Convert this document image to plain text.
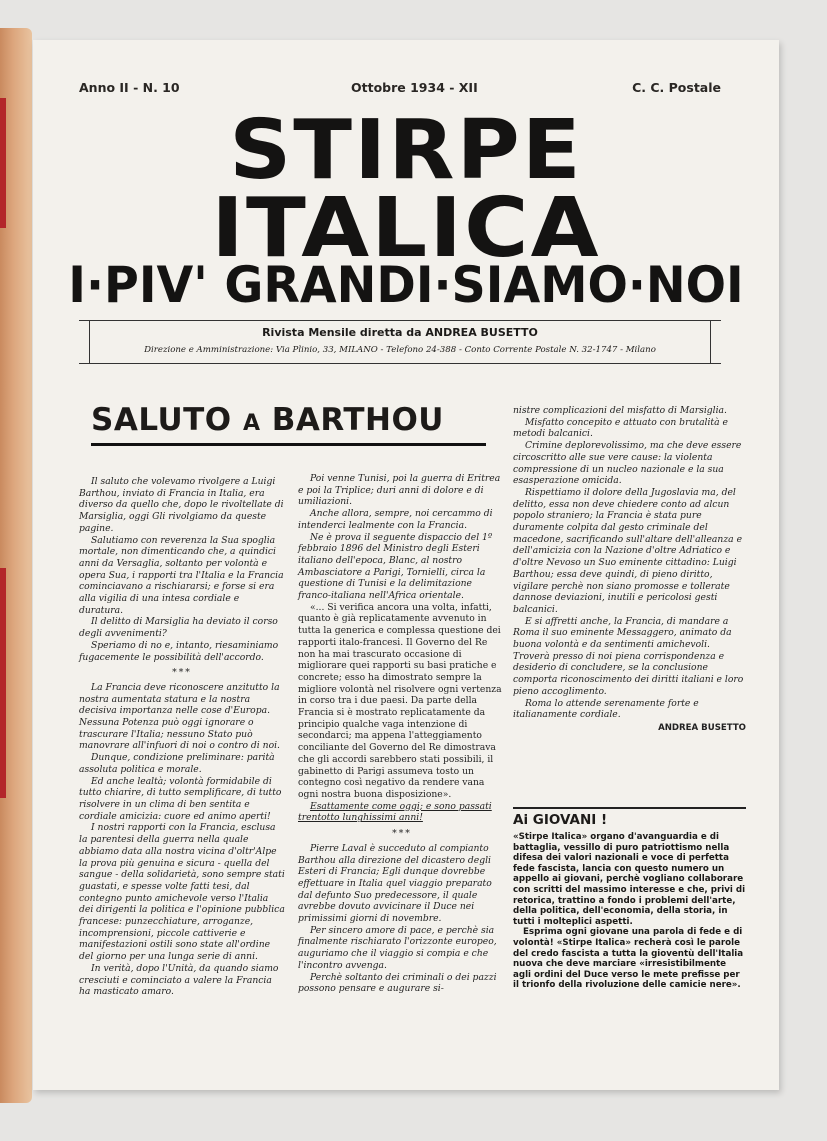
Anno II - N. 10	Ottobre 1934 - XII	C. C. Postale
STIRPE
ITALICA
I·PIV' GRANDI·SIAMO·NOI
Rivista Mensile diretta da ANDREA BUSETTO
Direzione e Amministrazione: Via Plinio, 33, MILANO - Telefono 24-388 - Conto Corrente Postale N. 32-1747 - Milano
SALUTO A BARTHOU

Il saluto che volevamo rivolgere a Luigi Barthou, inviato di Francia in Italia, era diverso da quello che, dopo le rivoltellate di Marsiglia, oggi Gli rivolgiamo da queste pagine.

Salutiamo con reverenza la Sua spoglia mortale, non dimenticando che, a quindici anni da Versaglia, soltanto per volontà e opera Sua, i rapporti tra l'Italia e la Francia cominciavano a rischiararsi; e forse si era alla vigilia di una intesa cordiale e duratura.

Il delitto di Marsiglia ha deviato il corso degli avvenimenti?

Speriamo di no e, intanto, riesaminiamo fugacemente le possibilità dell'accordo.

***

La Francia deve riconoscere anzitutto la nostra aumentata statura e la nostra decisiva importanza nelle cose d'Europa. Nessuna Potenza può oggi ignorare o trascurare l'Italia; nessuno Stato può manovrare all'infuori di noi o contro di noi.

Dunque, condizione preliminare: parità assoluta politica e morale.

Ed anche lealtà; volontà formidabile di tutto chiarire, di tutto semplificare, di tutto risolvere in un clima di ben sentita e cordiale amicizia: cuore ed animo aperti!

I nostri rapporti con la Francia, esclusa la parentesi della guerra nella quale abbiamo data alla nostra vicina d'oltr'Alpe la prova più genuina e sicura - quella del sangue - della solidarietà, sono sempre stati guastati, e spesse volte fatti tesi, dal contegno punto amichevole verso l'Italia dei dirigenti la politica e l'opinione pubblica francese: punzecchiature, arroganze, incomprensioni, piccole cattiverie e manifestazioni ostili sono state all'ordine del giorno per una lunga serie di anni.

In verità, dopo l'Unità, da quando siamo cresciuti e cominciato a valere la Francia ha masticato amaro.

Poi venne Tunisi, poi la guerra di Eritrea e poi la Triplice; duri anni di dolore e di umiliazioni.

Anche allora, sempre, noi cercammo di intenderci lealmente con la Francia.

Ne è prova il seguente dispaccio del 1º febbraio 1896 del Ministro degli Esteri italiano dell'epoca, Blanc, al nostro Ambasciatore a Parigi, Tornielli, circa la questione di Tunisi e la delimitazione franco-italiana nell'Africa orientale.

«... Si verifica ancora una volta, infatti, quanto è già replicatamente avvenuto in tutta la generica e complessa questione dei rapporti italo-francesi. Il Governo del Re non ha mai trascurato occasione di migliorare quei rapporti su basi pratiche e concrete; esso ha dimostrato sempre la migliore volontà nel risolvere ogni vertenza in corso tra i due paesi. Da parte della Francia si è mostrato replicatamente da principio qualche vaga intenzione di secondarci; ma appena l'atteggiamento conciliante del Governo del Re dimostrava che gli accordi sarebbero stati possibili, il gabinetto di Parigi assumeva tosto un contegno così negativo da rendere vana ogni nostra buona disposizione».

Esattamente come oggi; e sono passati trentotto lunghissimi anni!

***

Pierre Laval è succeduto al compianto Barthou alla direzione del dicastero degli Esteri di Francia; Egli dunque dovrebbe effettuare in Italia quel viaggio preparato dal defunto Suo predecessore, il quale avrebbe dovuto avvicinare il Duce nei primissimi giorni di novembre.

Per sincero amore di pace, e perchè sia finalmente rischiarato l'orizzonte europeo, auguriamo che il viaggio si compia e che l'incontro avvenga.

Perchè soltanto dei criminali o dei pazzi possono pensare e augurare si-

nistre complicazioni del misfatto di Marsiglia.

Misfatto concepito e attuato con brutalità e metodi balcanici.

Crimine deplorevolissimo, ma che deve essere circoscritto alle sue vere cause: la violenta compressione di un nucleo nazionale e la sua esasperazione omicida.

Rispettiamo il dolore della Jugoslavia ma, del delitto, essa non deve chiedere conto ad alcun popolo straniero; la Francia è stata pure duramente colpita dal gesto criminale del macedone, sacrificando sull'altare dell'alleanza e dell'amicizia con la Nazione d'oltre Adriatico e d'oltre Nevoso un Suo eminente cittadino: Luigi Barthou; essa deve quindi, di pieno diritto, vigilare perchè non siano promosse e tollerate dannose deviazioni, inutili e pericolosi gesti balcanici.

E si affretti anche, la Francia, di mandare a Roma il suo eminente Messaggero, animato da buona volontà e da sentimenti amichevoli. Troverà presso di noi piena corrispondenza e desiderio di concludere, se la conclusione comporta riconoscimento dei diritti italiani e loro pieno accoglimento.

Roma lo attende serenamente forte e italianamente cordiale.

ANDREA BUSETTO
Ai GIOVANI !

«Stirpe Italica» organo d'avanguardia e di battaglia, vessillo di puro patriottismo nella difesa dei valori nazionali e voce di perfetta fede fascista, lancia con questo numero un appello ai giovani, perchè vogliano collaborare con scritti del massimo interesse e che, privi di retorica, trattino a fondo i problemi dell'arte, della politica, dell'economia, della storia, in tutti i molteplici aspetti.

Esprima ogni giovane una parola di fede e di volontà! «Stirpe Italica» recherà così le parole del credo fascista a tutta la gioventù dell'Italia nuova che deve marciare «irresistibilmente agli ordini del Duce verso le mete prefisse per il trionfo della rivoluzione delle camicie nere».
